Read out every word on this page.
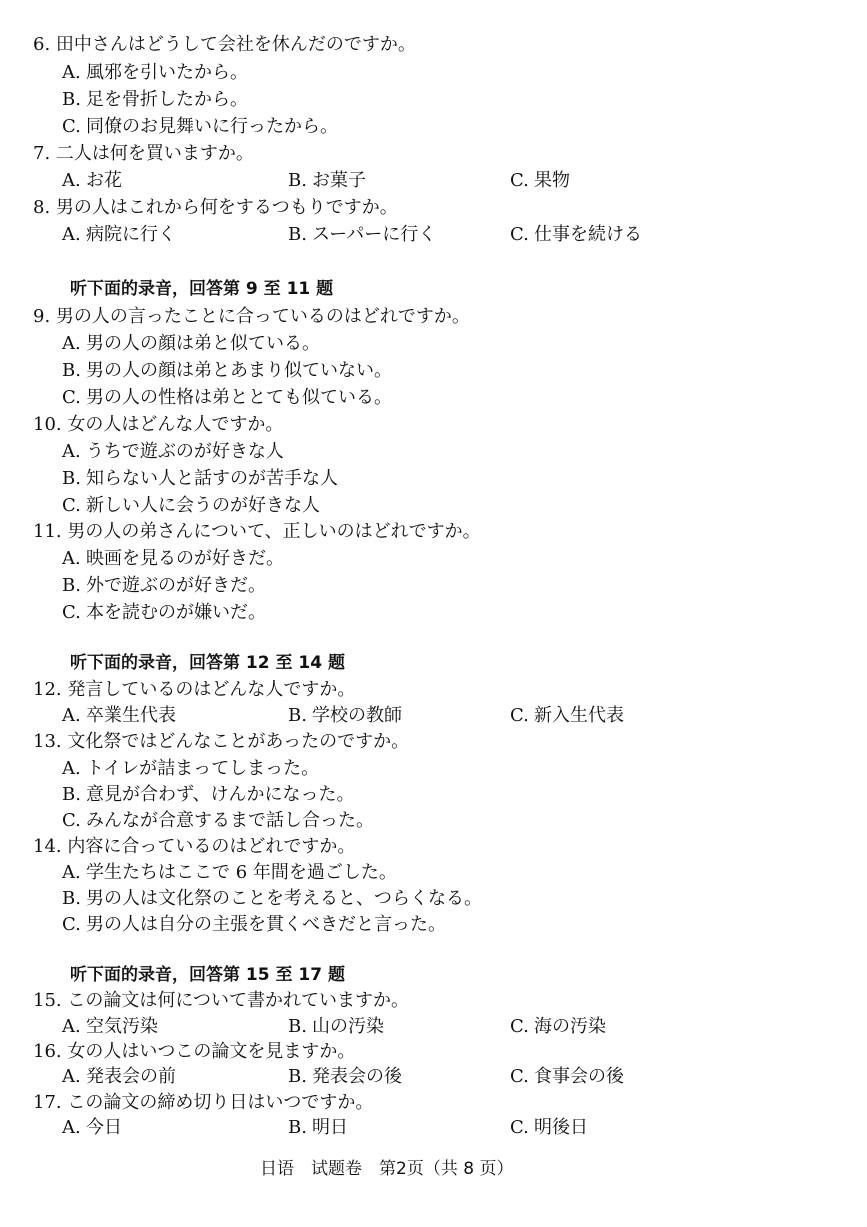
6. 田中さんはどうして会社を休んだのですか。
A. 風邪を引いたから。
B. 足を骨折したから。
C. 同僚のお見舞いに行ったから。
7. 二人は何を買いますか。
A. お花	B. お菓子	C. 果物
8. 男の人はこれから何をするつもりですか。
A. 病院に行く	B. スーパーに行く	C. 仕事を続ける
听下面的录音，回答第 9 至 11 题
9. 男の人の言ったことに合っているのはどれですか。
A. 男の人の顔は弟と似ている。
B. 男の人の顔は弟とあまり似ていない。
C. 男の人の性格は弟ととても似ている。
10. 女の人はどんな人ですか。
A. うちで遊ぶのが好きな人
B. 知らない人と話すのが苦手な人
C. 新しい人に会うのが好きな人
11. 男の人の弟さんについて、正しいのはどれですか。
A. 映画を見るのが好きだ。
B. 外で遊ぶのが好きだ。
C. 本を読むのが嫌いだ。
听下面的录音，回答第 12 至 14 题
12. 発言しているのはどんな人ですか。
A. 卒業生代表	B. 学校の教師	C. 新入生代表
13. 文化祭ではどんなことがあったのですか。
A. トイレが詰まってしまった。
B. 意見が合わず、けんかになった。
C. みんなが合意するまで話し合った。
14. 内容に合っているのはどれですか。
A. 学生たちはここで 6 年間を過ごした。
B. 男の人は文化祭のことを考えると、つらくなる。
C. 男の人は自分の主張を貫くべきだと言った。
听下面的录音，回答第 15 至 17 题
15. この論文は何について書かれていますか。
A. 空気汚染	B. 山の汚染	C. 海の汚染
16. 女の人はいつこの論文を見ますか。
A. 発表会の前	B. 発表会の後	C. 食事会の後
17. この論文の締め切り日はいつですか。
A. 今日	B. 明日	C. 明後日
日语　试题卷　第2页（共 8 页）
